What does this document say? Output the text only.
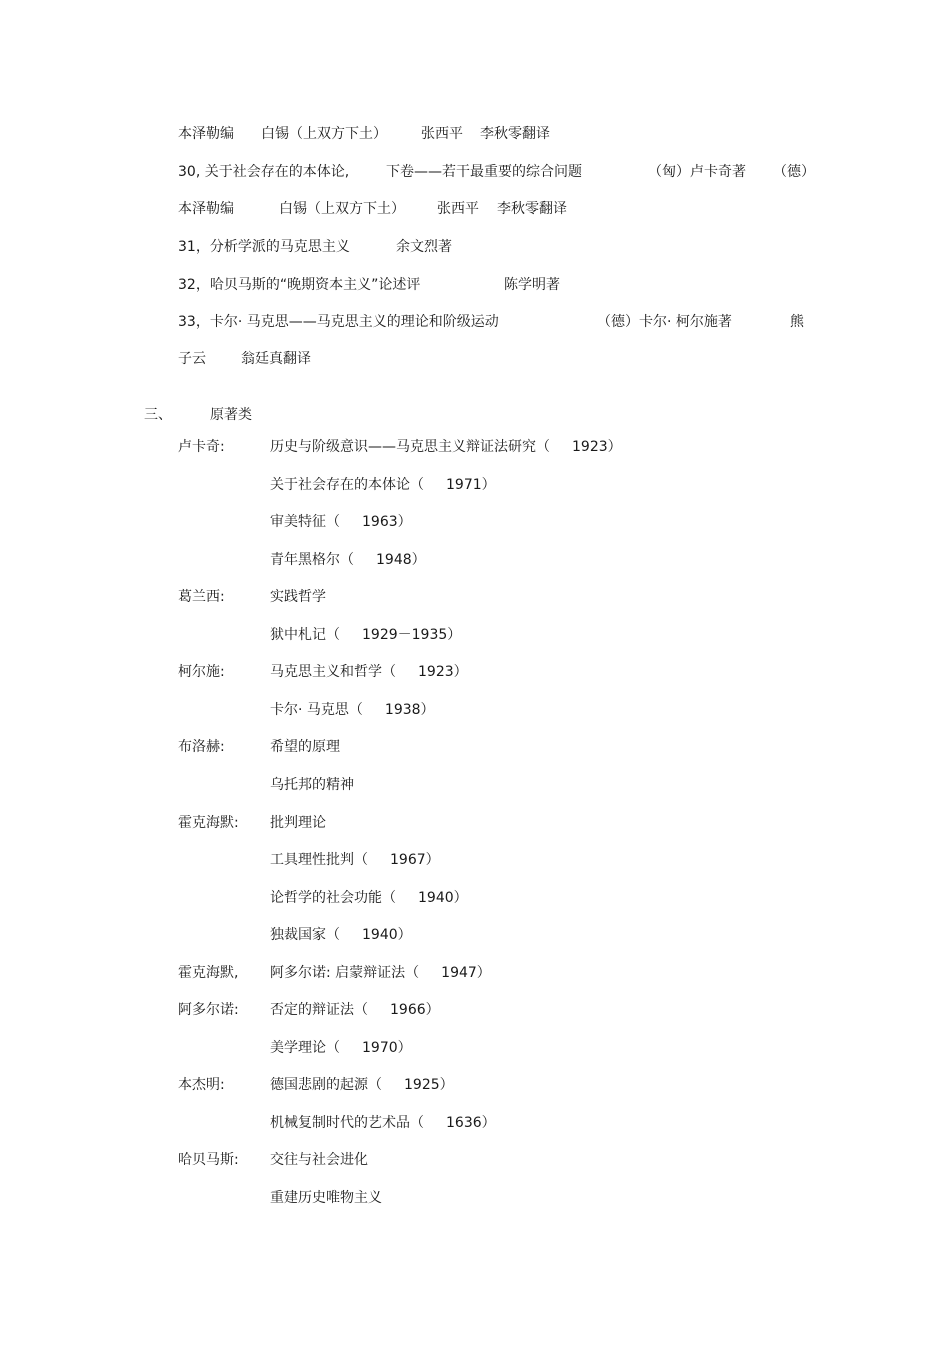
本泽勒编 白锡（上双方下土） 张西平 李秋零翻译
30, 关于社会存在的本体论,	下卷——若干最重要的综合问题	（匈）卢卡奇著 （德）
本泽勒编	白锡（上双方下土） 张西平 李秋零翻译
31，分析学派的马克思主义	余文烈著
32，哈贝马斯的“晚期资本主义”论述评	陈学明著
33，卡尔· 马克思——马克思主义的理论和阶级运动	（德）卡尔· 柯尔施著	熊
子云	翁廷真翻译
三、	原著类
卢卡奇:	历史与阶级意识——马克思主义辩证法研究（ 1923）
关于社会存在的本体论（ 1971）
审美特征（ 1963）
青年黑格尔（ 1948）
葛兰西:	实践哲学
狱中札记（ 1929－1935）
柯尔施:	马克思主义和哲学（ 1923）
卡尔· 马克思（ 1938）
布洛赫:	希望的原理
乌托邦的精神
霍克海默: 批判理论
工具理性批判（ 1967）
论哲学的社会功能（ 1940）
独裁国家（ 1940）
霍克海默, 阿多尔诺: 启蒙辩证法（ 1947）
阿多尔诺: 否定的辩证法（ 1966）
美学理论（ 1970）
本杰明:	德国悲剧的起源（ 1925）
机械复制时代的艺术品（ 1636）
哈贝马斯: 交往与社会进化
重建历史唯物主义
